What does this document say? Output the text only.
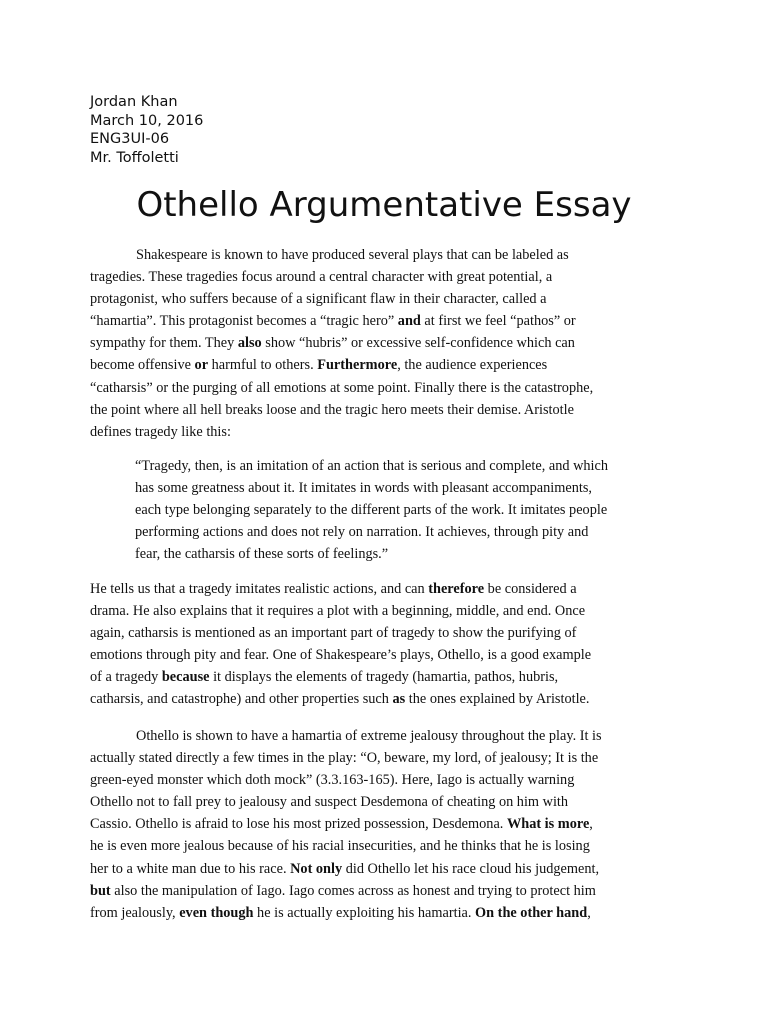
Jordan Khan
March 10, 2016
ENG3UI-06
Mr. Toffoletti
Othello Argumentative Essay
Shakespeare is known to have produced several plays that can be labeled as
tragedies. These tragedies focus around a central character with great potential, a
protagonist, who suffers because of a significant flaw in their character, called a
“hamartia”. This protagonist becomes a “tragic hero” and at first we feel “pathos” or
sympathy for them. They also show “hubris” or excessive self-confidence which can
become offensive or harmful to others. Furthermore, the audience experiences
“catharsis” or the purging of all emotions at some point. Finally there is the catastrophe,
the point where all hell breaks loose and the tragic hero meets their demise. Aristotle
defines tragedy like this:
“Tragedy, then, is an imitation of an action that is serious and complete, and which
has some greatness about it. It imitates in words with pleasant accompaniments,
each type belonging separately to the different parts of the work. It imitates people
performing actions and does not rely on narration. It achieves, through pity and
fear, the catharsis of these sorts of feelings.”
He tells us that a tragedy imitates realistic actions, and can therefore be considered a
drama. He also explains that it requires a plot with a beginning, middle, and end. Once
again, catharsis is mentioned as an important part of tragedy to show the purifying of
emotions through pity and fear. One of Shakespeare’s plays, Othello, is a good example
of a tragedy because it displays the elements of tragedy (hamartia, pathos, hubris,
catharsis, and catastrophe) and other properties such as the ones explained by Aristotle.
Othello is shown to have a hamartia of extreme jealousy throughout the play. It is
actually stated directly a few times in the play: “O, beware, my lord, of jealousy; It is the
green-eyed monster which doth mock” (3.3.163-165). Here, Iago is actually warning
Othello not to fall prey to jealousy and suspect Desdemona of cheating on him with
Cassio. Othello is afraid to lose his most prized possession, Desdemona. What is more,
he is even more jealous because of his racial insecurities, and he thinks that he is losing
her to a white man due to his race. Not only did Othello let his race cloud his judgement,
but also the manipulation of Iago. Iago comes across as honest and trying to protect him
from jealously, even though he is actually exploiting his hamartia. On the other hand,
